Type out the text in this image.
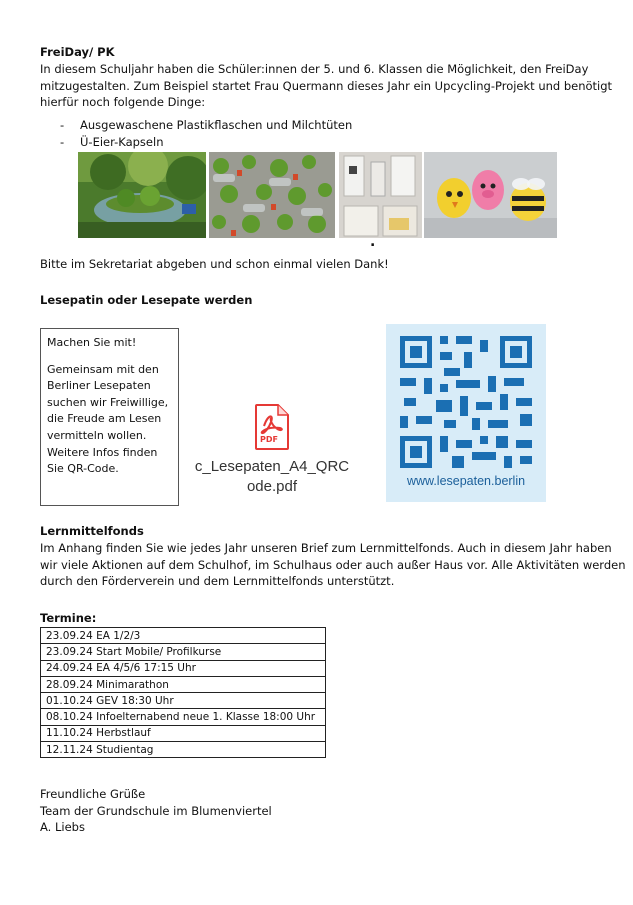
FreiDay/ PK
In diesem Schuljahr haben die Schüler:innen der 5. und 6. Klassen die Möglichkeit, den FreiDay
mitzugestalten. Zum Beispiel startet Frau Quermann dieses Jahr ein Upcycling-Projekt und benötigt
hierfür noch folgende Dinge:
- Ausgewaschene Plastikflaschen und Milchtüten
- Ü-Eier-Kapseln
.
Bitte im Sekretariat abgeben und schon einmal vielen Dank!
Lesepatin oder Lesepate werden
Machen Sie mit!
Gemeinsam mit den
Berliner Lesepaten
suchen wir Freiwillige,
die Freude am Lesen
vermitteln wollen.
Weitere Infos finden
Sie QR-Code.
PDF
c_Lesepaten_A4_QRC
ode.pdf	www.lesepaten.berlin
Lernmittelfonds
Im Anhang finden Sie wie jedes Jahr unseren Brief zum Lernmittelfonds. Auch in diesem Jahr haben
wir viele Aktionen auf dem Schulhof, im Schulhaus oder auch außer Haus vor. Alle Aktivitäten werden
durch den Förderverein und dem Lernmittelfonds unterstützt.
Termine:
23.09.24 EA 1/2/3
23.09.24 Start Mobile/ Profilkurse
24.09.24 EA 4/5/6 17:15 Uhr
28.09.24 Minimarathon
01.10.24 GEV 18:30 Uhr
08.10.24 Infoelternabend neue 1. Klasse 18:00 Uhr
11.10.24 Herbstlauf
12.11.24 Studientag
Freundliche Grüße
Team der Grundschule im Blumenviertel
A. Liebs
